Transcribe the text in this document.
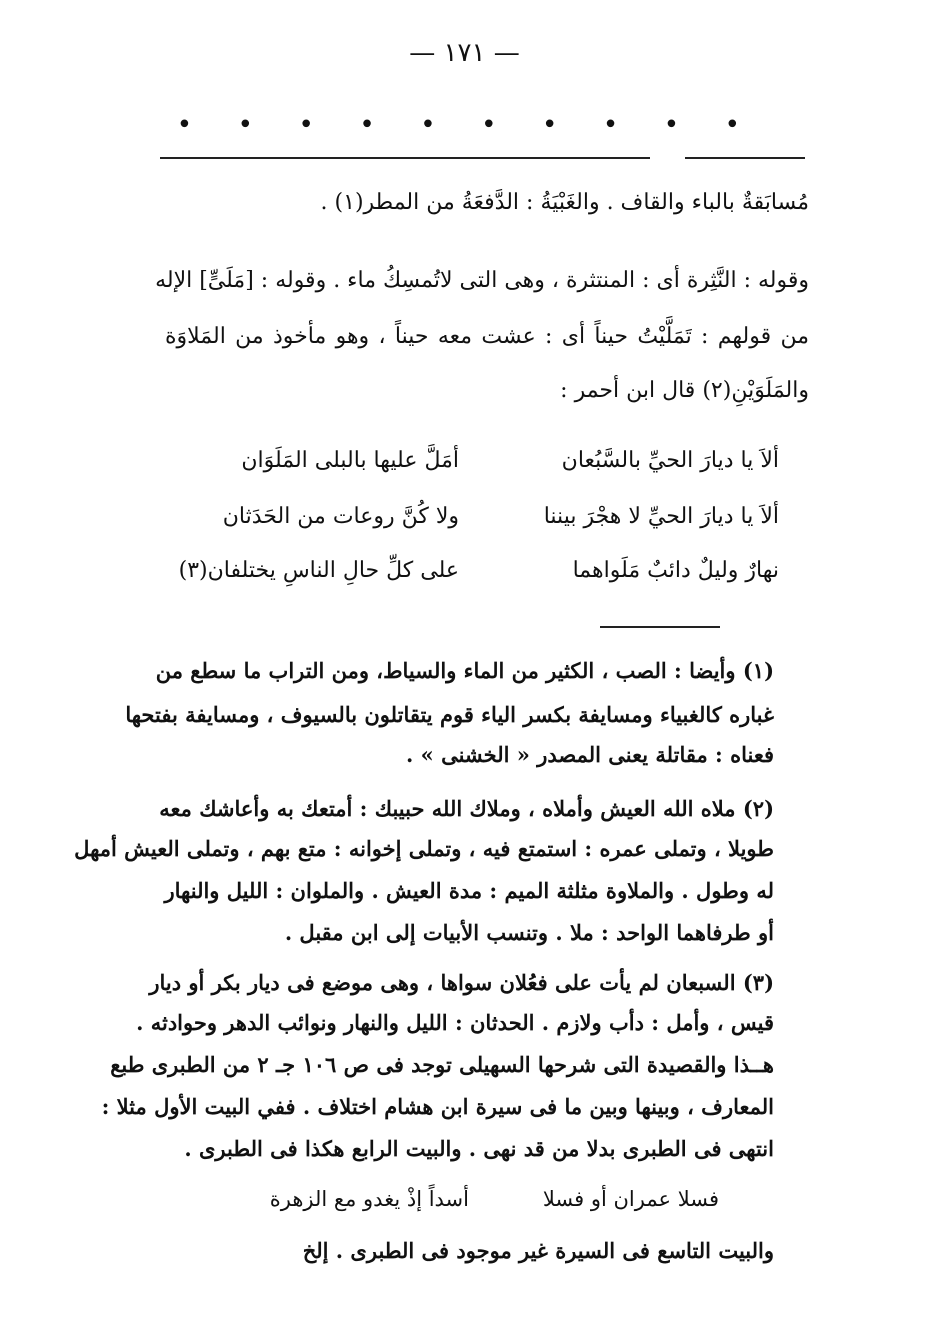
— ١٧١ —
•
•
•
•
•
•
•
•
•
•
مُسابَقةٌ بالباء والقاف . والغَبْيَةُ : الدَّفعَةُ من المطر(١) .
وقوله : النَّثِرة أى : المنتثرة ، وهى التى لاتُمسِكُ ماء . وقوله : [مَلَىٍّ] الإله
من قولهم : تَمَلَّيْتُ حيناً أى : عشت معه حيناً ، وهو مأخوذ من المَلاوَة
والمَلَوَيْنِ(٢) قال ابن أحمر :
ألاَ يا ديارَ الحيِّ بالسَّبُعان
أمَلَّ عليها بالبلى المَلَوَان
ألاَ يا ديارَ الحيِّ لا هجْرَ بيننا
ولا كُنَّ روعات من الحَدَثان
نهارٌ وليلٌ دائبٌ مَلَواهما
على كلِّ حالِ الناسِ يختلفان(٣)
(١) وأيضا : الصب ، الكثير من الماء والسياط، ومن التراب ما سطع من
غباره كالغبياء ومسايفة بكسر الياء قوم يتقاتلون بالسيوف ، ومسايفة بفتحها
فعناه : مقاتلة يعنى المصدر « الخشنى » .
(٢) ملاه الله العيش وأملاه ، وملاك الله حبيبك : أمتعك به وأعاشك معه
طويلا ، وتملى عمره : استمتع فيه ، وتملى إخوانه : متع بهم ، وتملى العيش أمهل
له وطول . والملاوة مثلثة الميم : مدة العيش . والملوان : الليل والنهار
أو طرفاهما الواحد : ملا . وتنسب الأبيات إلى ابن مقبل .
(٣) السبعان لم يأت على فعُلان سواها ، وهى موضع فى ديار بكر أو ديار
قيس ، وأمل : دأب ولازم . الحدثان : الليل والنهار ونوائب الدهر وحوادثه .
هــذا والقصيدة التى شرحها السهيلى توجد فى ص ١٠٦ جـ ٢ من الطبرى طبع
المعارف ، وبينها وبين ما فى سيرة ابن هشام اختلاف . ففي البيت الأول مثلا :
انتهى فى الطبرى بدلا من قد نهى . والبيت الرابع هكذا فى الطبرى .
فسلا عمران أو فسلا
أسداً إذْ يغدو مع الزهرة
والبيت التاسع فى السيرة غير موجود فى الطبرى . إلخ
